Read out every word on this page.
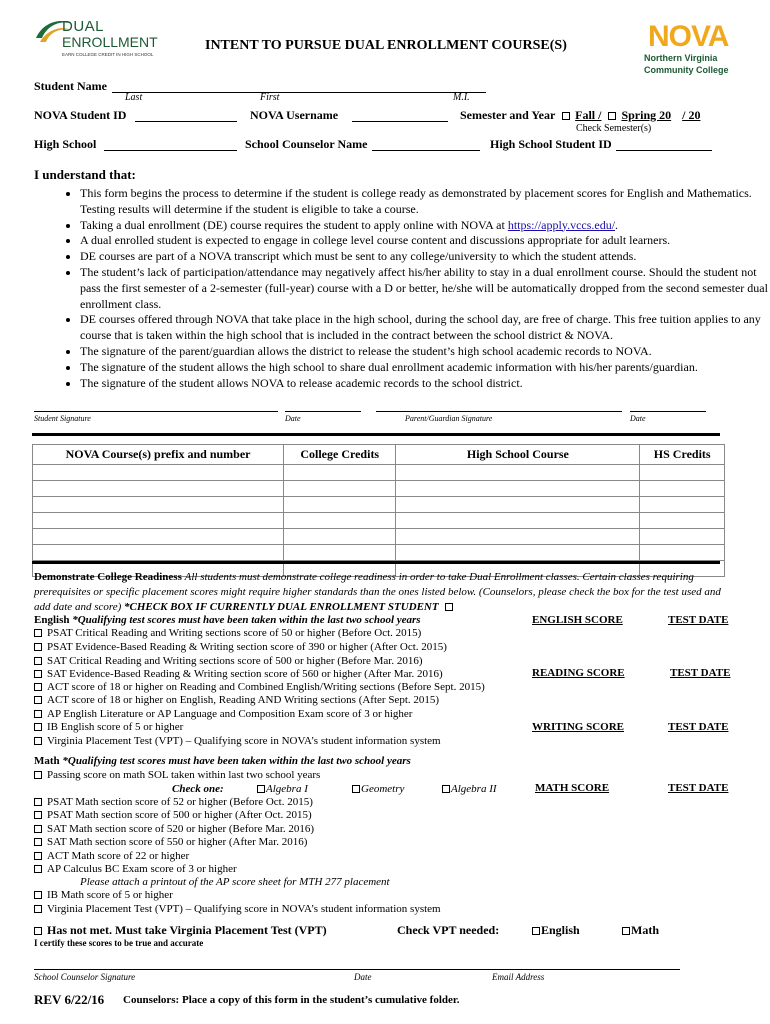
DUAL
ENROLLMENT
EARN COLLEGE CREDIT IN HIGH SCHOOL
INTENT TO PURSUE DUAL ENROLLMENT COURSE(S)	NOVA
Northern Virginia
Community College
Student Name
Last	First	M.I.
NOVA Student ID	NOVA Username	Semester and Year Fall / Spring 20 / 20
Check Semester(s)
High School	School Counselor Name	High School Student ID
I understand that:
• This form begins the process to determine if the student is college ready as demonstrated by placement scores for English and Mathematics. Testing results will determine if the student is eligible to take a course.
• Taking a dual enrollment (DE) course requires the student to apply online with NOVA at https://apply.vccs.edu/.
• A dual enrolled student is expected to engage in college level course content and discussions appropriate for adult learners.
• DE courses are part of a NOVA transcript which must be sent to any college/university to which the student attends.
• The student’s lack of participation/attendance may negatively affect his/her ability to stay in a dual enrollment course. Should the student not pass the first semester of a 2-semester (full-year) course with a D or better, he/she will be automatically dropped from the second semester dual enrollment class.
• DE courses offered through NOVA that take place in the high school, during the school day, are free of charge. This free tuition applies to any course that is taken within the high school that is included in the contract between the school district & NOVA.
• The signature of the parent/guardian allows the district to release the student’s high school academic records to NOVA.
• The signature of the student allows the high school to share dual enrollment academic information with his/her parents/guardian.
• The signature of the student allows NOVA to release academic records to the school district.
Student Signature	Date	Parent/Guardian Signature	Date
NOVA Course(s) prefix and number	College Credits	High School Course	HS Credits

Demonstrate College Readiness All students must demonstrate college readiness in order to take Dual Enrollment classes. Certain classes requiring prerequisites or specific placement scores might require higher standards than the ones listed below. (Counselors, please check the box for the test used and add date and score) *CHECK BOX IF CURRENTLY DUAL ENROLLMENT STUDENT
English *Qualifying test scores must have been taken within the last two school years	ENGLISH SCORE	TEST DATE
READING SCORE	TEST DATE
WRITING SCORE	TEST DATE
PSAT Critical Reading and Writing sections score of 50 or higher (Before Oct. 2015)
PSAT Evidence-Based Reading & Writing section score of 390 or higher (After Oct. 2015)
SAT Critical Reading and Writing sections score of 500 or higher (Before Mar. 2016)
SAT Evidence-Based Reading & Writing section score of 560 or higher (After Mar. 2016)
ACT score of 18 or higher on Reading and Combined English/Writing sections (Before Sept. 2015)
ACT score of 18 or higher on English, Reading AND Writing sections (After Sept. 2015)
AP English Literature or AP Language and Composition Exam score of 3 or higher
IB English score of 5 or higher
Virginia Placement Test (VPT) – Qualifying score in NOVA’s student information system
Math *Qualifying test scores must have been taken within the last two school years
Passing score on math SOL taken within last two school years
Check one:	Algebra I	Geometry	Algebra II	MATH SCORE	TEST DATE
PSAT Math section score of 52 or higher (Before Oct. 2015)
PSAT Math section score of 500 or higher (After Oct. 2015)
SAT Math section score of 520 or higher (Before Mar. 2016)
SAT Math section score of 550 or higher (After Mar. 2016)
ACT Math score of 22 or higher
AP Calculus BC Exam score of 3 or higher
Please attach a printout of the AP score sheet for MTH 277 placement
IB Math score of 5 or higher
Virginia Placement Test (VPT) – Qualifying score in NOVA’s student information system
Has not met. Must take Virginia Placement Test (VPT)	Check VPT needed:	English	Math
I certify these scores to be true and accurate
School Counselor Signature	Date	Email Address
REV 6/22/16 Counselors: Place a copy of this form in the student’s cumulative folder.
